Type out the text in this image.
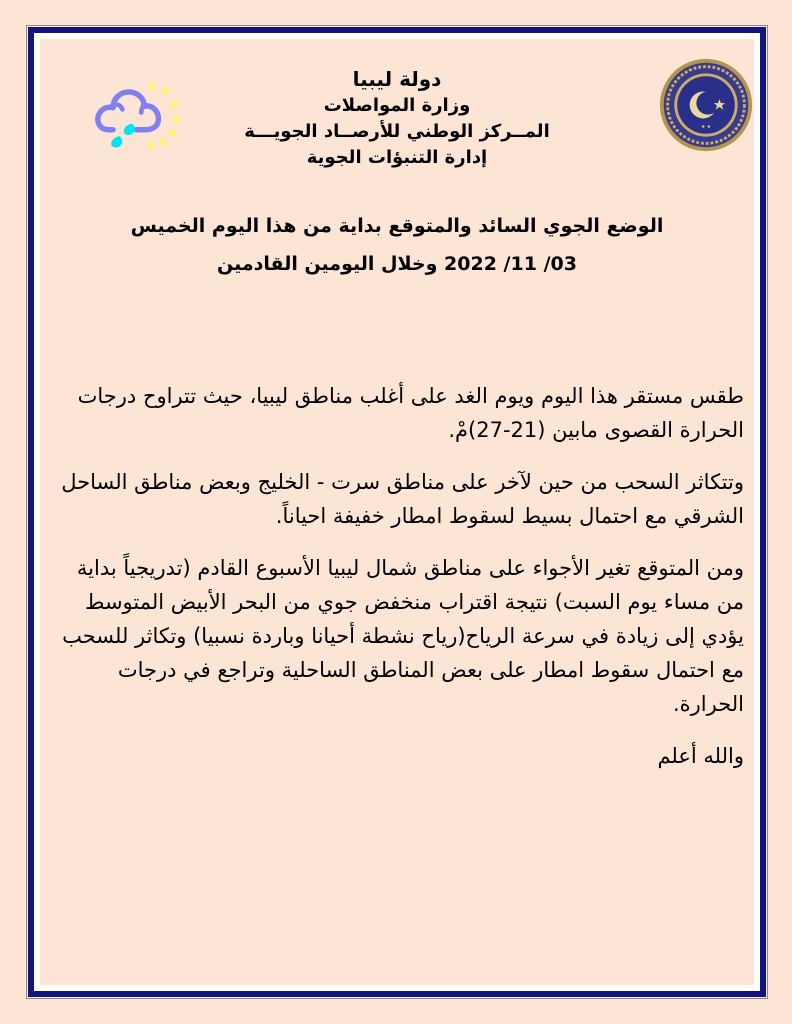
★ ★
دولة ليبيا
وزارة المواصلات
المــركز الوطني للأرصــاد الجويـــة
إدارة التنبؤات الجوية
الوضع الجوي السائد والمتوقع بداية من هذا اليوم الخميس
03/ 11/ 2022 وخلال اليومين القادمين

طقس مستقر هذا اليوم ويوم الغد على أغلب مناطق ليبيا، حيث تتراوح درجات الحرارة القصوى مابين (21-27)مْ.

وتتكاثر السحب من حين لآخر على مناطق سرت - الخليج وبعض مناطق الساحل الشرقي مع احتمال بسيط لسقوط امطار خفيفة احياناً.

ومن المتوقع تغير الأجواء على مناطق شمال ليبيا الأسبوع القادم (تدريجياً بداية من مساء يوم السبت) نتيجة اقتراب منخفض جوي من البحر الأبيض المتوسط يؤدي إلى زيادة في سرعة الرياح(رياح نشطة أحيانا وباردة نسبيا) وتكاثر للسحب مع احتمال سقوط امطار على بعض المناطق الساحلية وتراجع في درجات الحرارة.

والله أعلم
